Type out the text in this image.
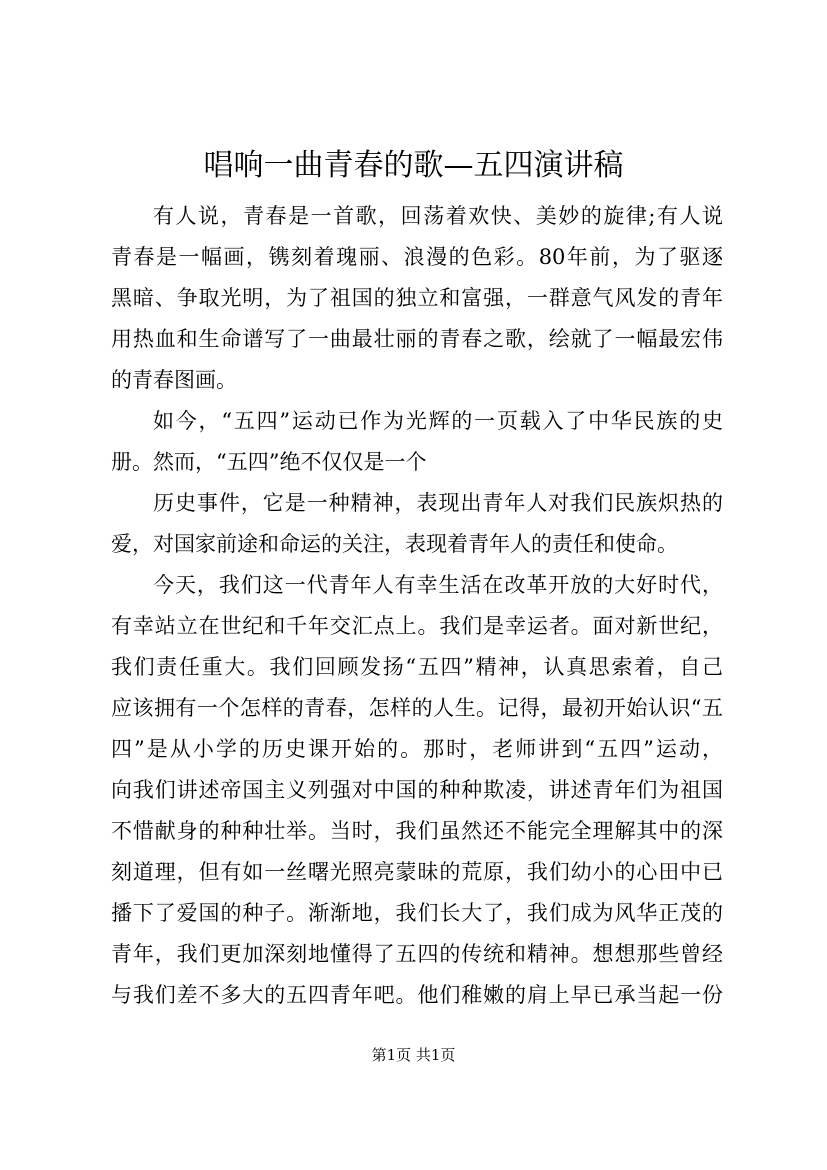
唱响一曲青春的歌—五四演讲稿
有人说，青春是一首歌，回荡着欢快、美妙的旋律;有人说
青春是一幅画，镌刻着瑰丽、浪漫的色彩。80年前，为了驱逐
黑暗、争取光明，为了祖国的独立和富强，一群意气风发的青年
用热血和生命谱写了一曲最壮丽的青春之歌，绘就了一幅最宏伟
的青春图画。
如今，“五四”运动已作为光辉的一页载入了中华民族的史
册。然而，“五四”绝不仅仅是一个
历史事件，它是一种精神，表现出青年人对我们民族炽热的
爱，对国家前途和命运的关注，表现着青年人的责任和使命。
今天，我们这一代青年人有幸生活在改革开放的大好时代，
有幸站立在世纪和千年交汇点上。我们是幸运者。面对新世纪，
我们责任重大。我们回顾发扬“五四”精神，认真思索着，自己
应该拥有一个怎样的青春，怎样的人生。记得，最初开始认识“五
四”是从小学的历史课开始的。那时，老师讲到“五四”运动，
向我们讲述帝国主义列强对中国的种种欺凌，讲述青年们为祖国
不惜献身的种种壮举。当时，我们虽然还不能完全理解其中的深
刻道理，但有如一丝曙光照亮蒙昧的荒原，我们幼小的心田中已
播下了爱国的种子。渐渐地，我们长大了，我们成为风华正茂的
青年，我们更加深刻地懂得了五四的传统和精神。想想那些曾经
与我们差不多大的五四青年吧。他们稚嫩的肩上早已承当起一份
第1页 共1页
